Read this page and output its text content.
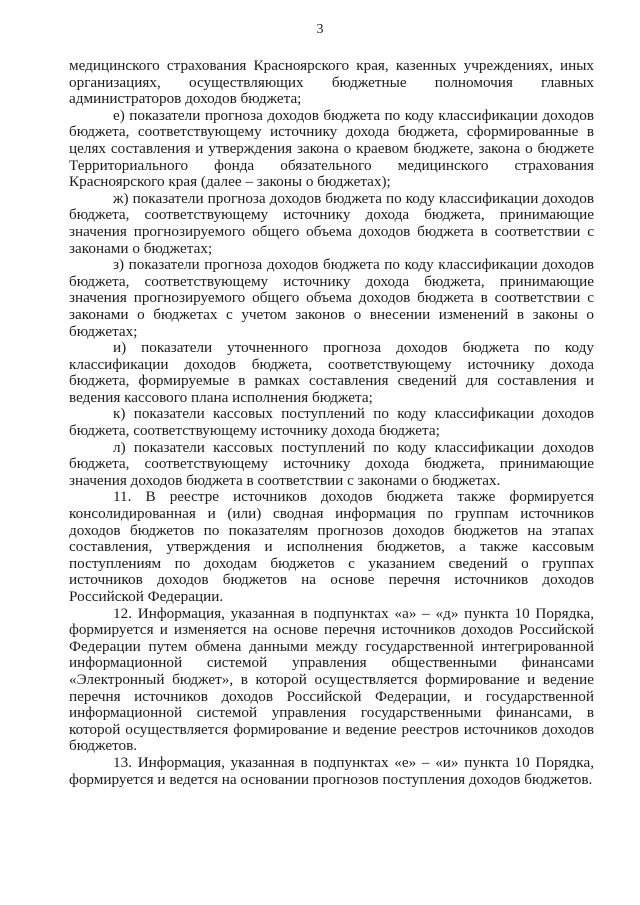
3

медицинского страхования Красноярского края, казенных учреждениях, иных организациях, осуществляющих бюджетные полномочия главных администраторов доходов бюджета;

е) показатели прогноза доходов бюджета по коду классификации доходов бюджета, соответствующему источнику дохода бюджета, сформированные в целях составления и утверждения закона о краевом бюджете, закона о бюджете Территориального фонда обязательного медицинского страхования Красноярского края (далее – законы о бюджетах);

ж) показатели прогноза доходов бюджета по коду классификации доходов бюджета, соответствующему источнику дохода бюджета, принимающие значения прогнозируемого общего объема доходов бюджета в соответствии с законами о бюджетах;

з) показатели прогноза доходов бюджета по коду классификации доходов бюджета, соответствующему источнику дохода бюджета, принимающие значения прогнозируемого общего объема доходов бюджета в соответствии с законами о бюджетах с учетом законов о внесении изменений в законы о бюджетах;

и) показатели уточненного прогноза доходов бюджета по коду классификации доходов бюджета, соответствующему источнику дохода бюджета, формируемые в рамках составления сведений для составления и ведения кассового плана исполнения бюджета;

к) показатели кассовых поступлений по коду классификации доходов бюджета, соответствующему источнику дохода бюджета;

л) показатели кассовых поступлений по коду классификации доходов бюджета, соответствующему источнику дохода бюджета, принимающие значения доходов бюджета в соответствии с законами о бюджетах.

11. В реестре источников доходов бюджета также формируется консолидированная и (или) сводная информация по группам источников доходов бюджетов по показателям прогнозов доходов бюджетов на этапах составления, утверждения и исполнения бюджетов, а также кассовым поступлениям по доходам бюджетов с указанием сведений о группах источников доходов бюджетов на основе перечня источников доходов Российской Федерации.

12. Информация, указанная в подпунктах «а» – «д» пункта 10 Порядка, формируется и изменяется на основе перечня источников доходов Российской Федерации путем обмена данными между государственной интегрированной информационной системой управления общественными финансами «Электронный бюджет», в которой осуществляется формирование и ведение перечня источников доходов Российской Федерации, и государственной информационной системой управления государственными финансами, в которой осуществляется формирование и ведение реестров источников доходов бюджетов.

13. Информация, указанная в подпунктах «е» – «и» пункта 10 Порядка, формируется и ведется на основании прогнозов поступления доходов бюджетов.
